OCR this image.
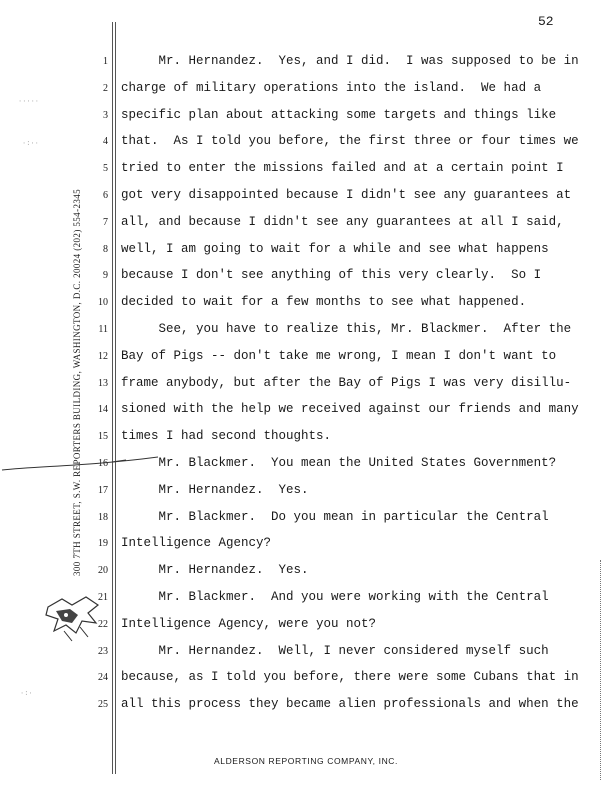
52
300 7TH STREET, S.W. REPORTERS BUILDING, WASHINGTON, D.C. 20024 (202) 554-2345
1 Mr. Hernandez.  Yes, and I did.  I was supposed to be in
2 charge of military operations into the island.  We had a
3 specific plan about attacking some targets and things like
4 that.  As I told you before, the first three or four times we
5 tried to enter the missions failed and at a certain point I
6 got very disappointed because I didn't see any guarantees at
7 all, and because I didn't see any guarantees at all I said,
8 well, I am going to wait for a while and see what happens
9 because I don't see anything of this very clearly.  So I
10 decided to wait for a few months to see what happened.
11 See, you have to realize this, Mr. Blackmer.  After the
12 Bay of Pigs -- don't take me wrong, I mean I don't want to
13 frame anybody, but after the Bay of Pigs I was very disillu-
14 sioned with the help we received against our friends and many
15 times I had second thoughts.
16 Mr. Blackmer.  You mean the United States Government?
17 Mr. Hernandez.  Yes.
18 Mr. Blackmer.  Do you mean in particular the Central
19 Intelligence Agency?
20 Mr. Hernandez.  Yes.
21 Mr. Blackmer.  And you were working with the Central
22 Intelligence Agency, were you not?
23 Mr. Hernandez.  Well, I never considered myself such
24 because, as I told you before, there were some Cubans that in
25 all this process they became alien professionals and when the
·····
·:··
·:·
ALDERSON REPORTING COMPANY, INC.
